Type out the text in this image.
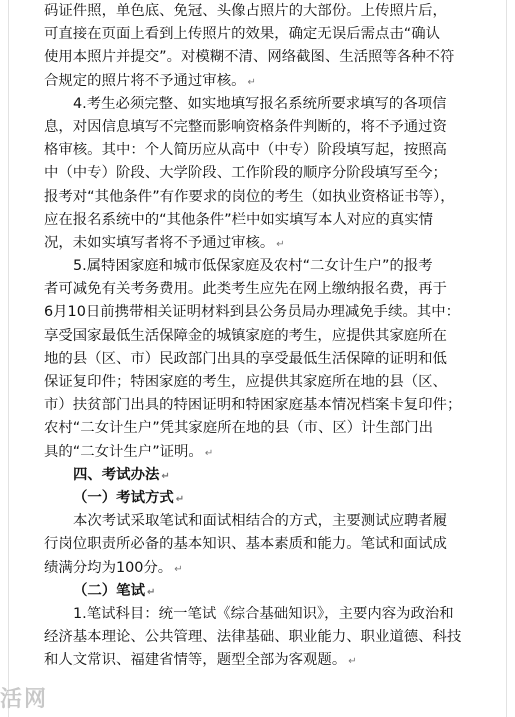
码证件照，单色底、免冠、头像占照片的大部份。上传照片后，
可直接在页面上看到上传照片的效果，确定无误后需点击“确认
使用本照片并提交”。对模糊不清、网络截图、生活照等各种不符
合规定的照片将不予通过审核。 ↵
4.考生必须完整、如实地填写报名系统所要求填写的各项信
息，对因信息填写不完整而影响资格条件判断的，将不予通过资
格审核。其中：个人简历应从高中（中专）阶段填写起，按照高
中（中专）阶段、大学阶段、工作阶段的顺序分阶段填写至今；
报考对“其他条件”有作要求的岗位的考生（如执业资格证书等），
应在报名系统中的“其他条件”栏中如实填写本人对应的真实情
况，未如实填写者将不予通过审核。 ↵
5.属特困家庭和城市低保家庭及农村“二女计生户”的报考
者可减免有关考务费用。此类考生应先在网上缴纳报名费，再于
6月10日前携带相关证明材料到县公务员局办理减免手续。其中：
享受国家最低生活保障金的城镇家庭的考生，应提供其家庭所在
地的县（区、市）民政部门出具的享受最低生活保障的证明和低
保证复印件；特困家庭的考生，应提供其家庭所在地的县（区、
市）扶贫部门出具的特困证明和特困家庭基本情况档案卡复印件；
农村“二女计生户”凭其家庭所在地的县（市、区）计生部门出
具的“二女计生户”证明。 ↵
四、考试办法 ↵
（一）考试方式 ↵
本次考试采取笔试和面试相结合的方式，主要测试应聘者履
行岗位职责所必备的基本知识、基本素质和能力。笔试和面试成
绩满分均为100分。 ↵
（二）笔试 ↵
1.笔试科目：统一笔试《综合基础知识》，主要内容为政治和
经济基本理论、公共管理、法律基础、职业能力、职业道德、科技
和人文常识、福建省情等，题型全部为客观题。 ↵
活网
